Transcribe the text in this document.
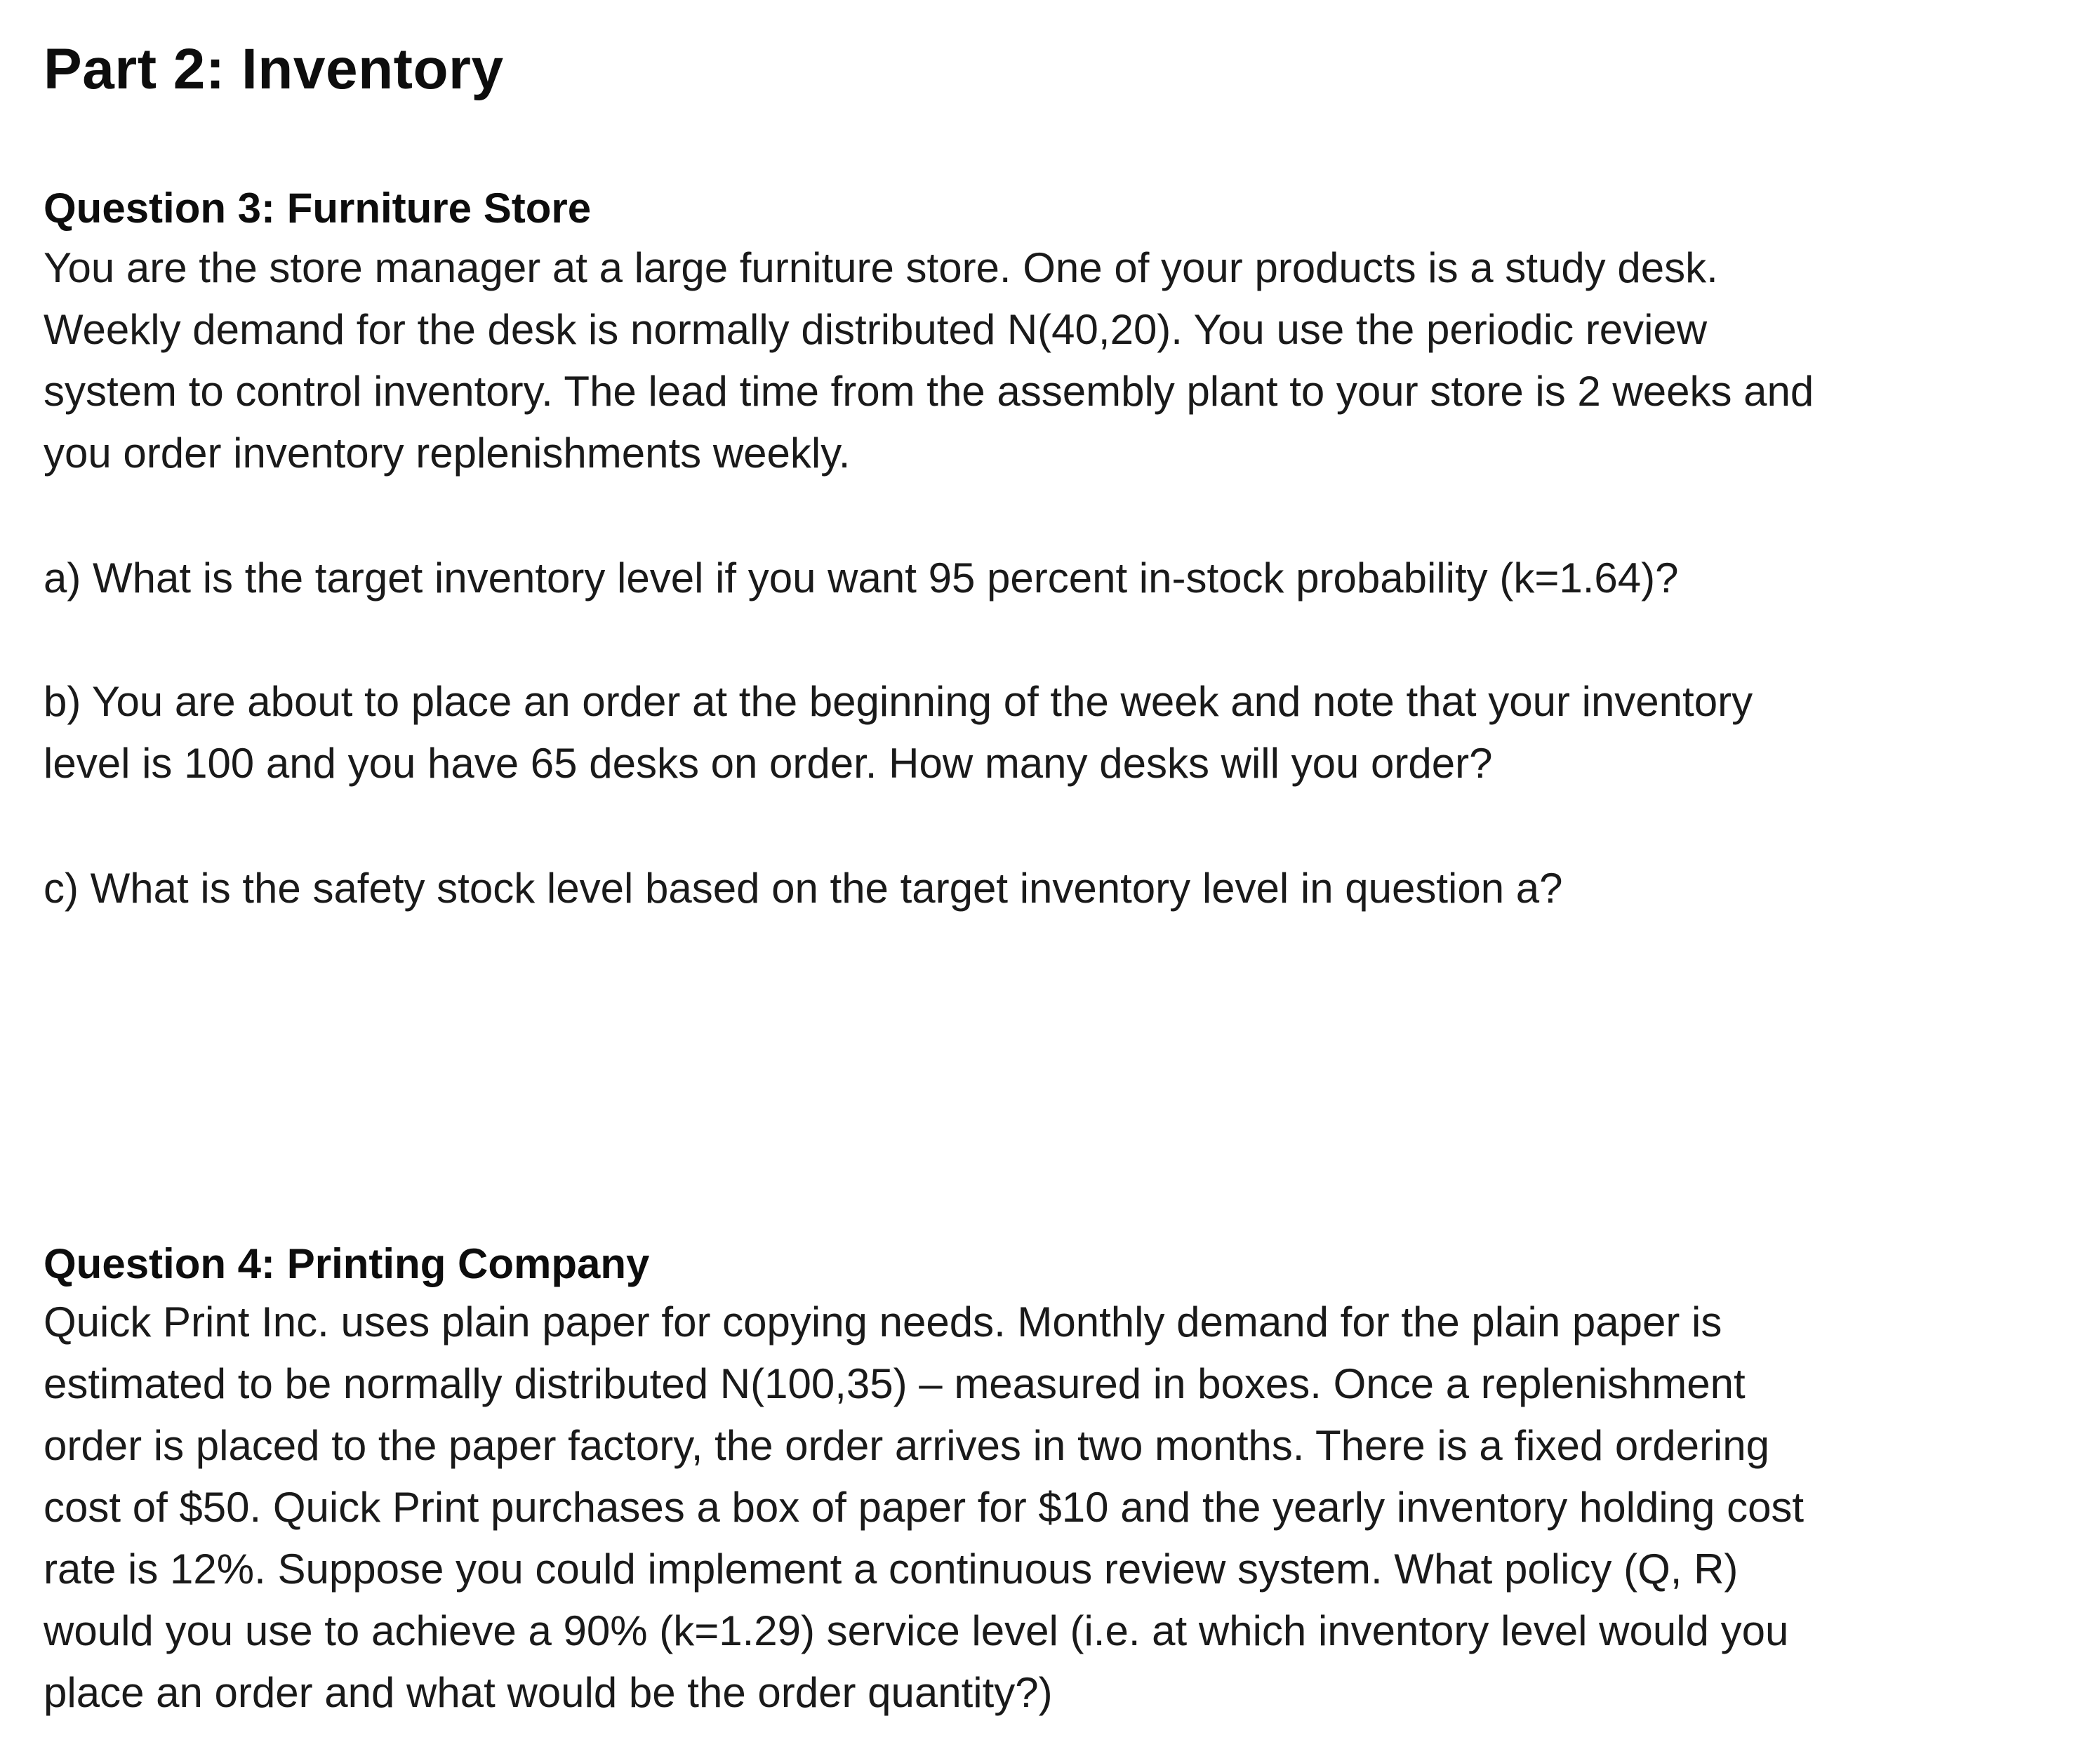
Part 2: Inventory

Question 3: Furniture Store

You are the store manager at a large furniture store. One of your products is a study desk.

Weekly demand for the desk is normally distributed N(40,20). You use the periodic review

system to control inventory. The lead time from the assembly plant to your store is 2 weeks and

you order inventory replenishments weekly.

a) What is the target inventory level if you want 95 percent in-stock probability (k=1.64)?

b) You are about to place an order at the beginning of the week and note that your inventory

level is 100 and you have 65 desks on order. How many desks will you order?

c) What is the safety stock level based on the target inventory level in question a?

Question 4: Printing Company

Quick Print Inc. uses plain paper for copying needs. Monthly demand for the plain paper is

estimated to be normally distributed N(100,35) – measured in boxes. Once a replenishment

order is placed to the paper factory, the order arrives in two months. There is a fixed ordering

cost of $50. Quick Print purchases a box of paper for $10 and the yearly inventory holding cost

rate is 12%. Suppose you could implement a continuous review system. What policy (Q, R)

would you use to achieve a 90% (k=1.29) service level (i.e. at which inventory level would you

place an order and what would be the order quantity?)
